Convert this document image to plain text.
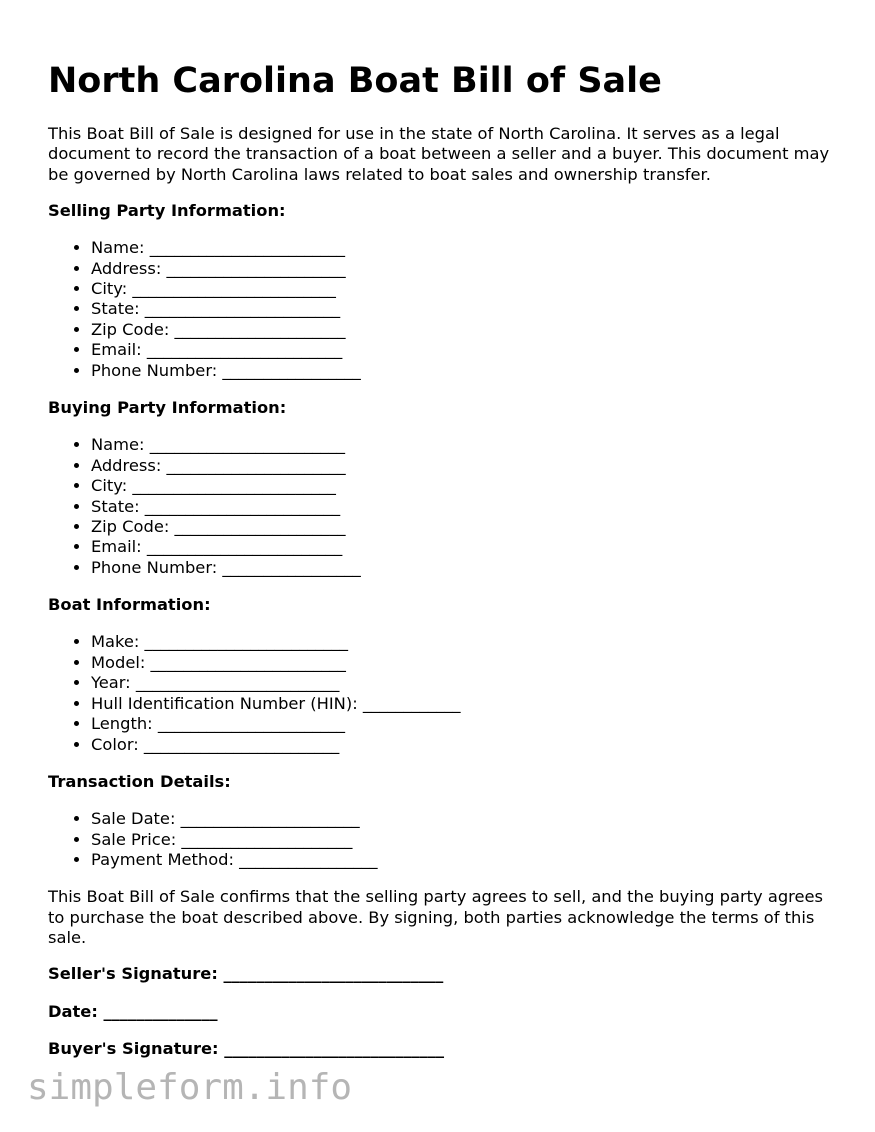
North Carolina Boat Bill of Sale

This Boat Bill of Sale is designed for use in the state of North Carolina. It serves as a legal document to record the transaction of a boat between a seller and a buyer. This document may be governed by North Carolina laws related to boat sales and ownership transfer.

Selling Party Information:
• Name: ________________________
• Address: ______________________
• City: _________________________
• State: ________________________
• Zip Code: _____________________
• Email: ________________________
• Phone Number: _________________
Buying Party Information:
• Name: ________________________
• Address: ______________________
• City: _________________________
• State: ________________________
• Zip Code: _____________________
• Email: ________________________
• Phone Number: _________________
Boat Information:
• Make: _________________________
• Model: ________________________
• Year: _________________________
• Hull Identification Number (HIN): ____________
• Length: _______________________
• Color: ________________________
Transaction Details:
• Sale Date: ______________________
• Sale Price: _____________________
• Payment Method: _________________

This Boat Bill of Sale confirms that the selling party agrees to sell, and the buying party agrees to purchase the boat described above. By signing, both parties acknowledge the terms of this sale.

Seller's Signature: ___________________________
Date: ______________
Buyer's Signature: ___________________________
simpleform.info
